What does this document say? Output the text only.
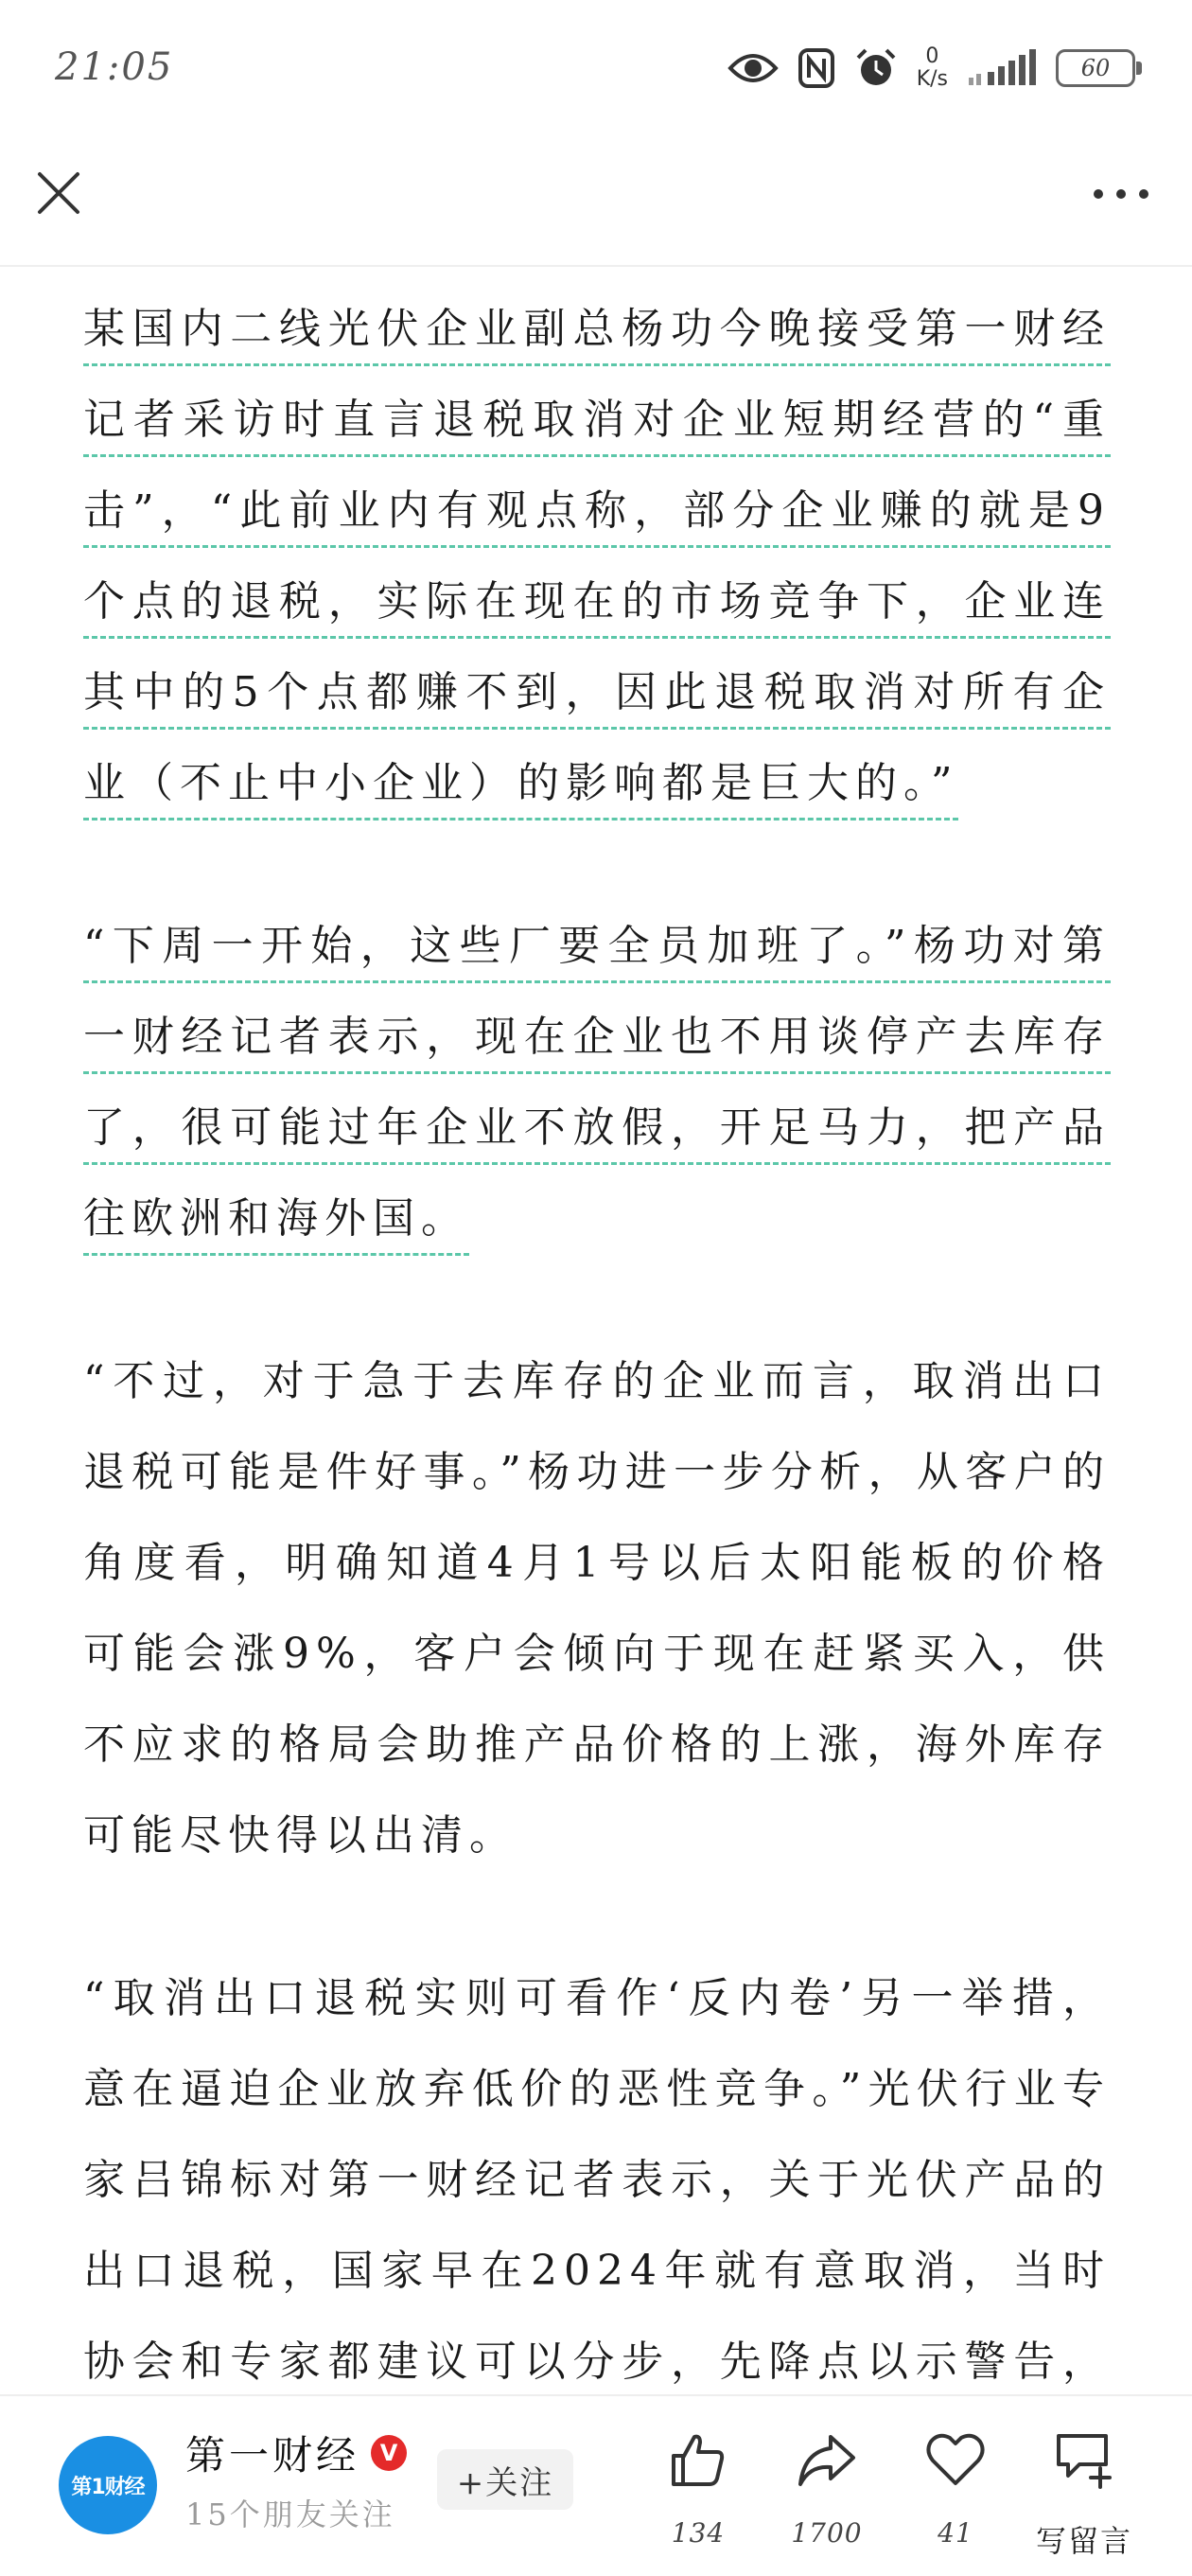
21:05	0
K/s	60

某国内二线光伏企业副总杨功今晚接受第一财经记者采访时直言退税取消对企业短期经营的“重击”，“此前业内有观点称，部分企业赚的就是9个点的退税，实际在现在的市场竞争下，企业连其中的5个点都赚不到，因此退税取消对所有企业（不止中小企业）的影响都是巨大的。”

“下周一开始，这些厂要全员加班了。”杨功对第一财经记者表示，现在企业也不用谈停产去库存了，很可能过年企业不放假，开足马力，把产品往欧洲和海外国。

“不过，对于急于去库存的企业而言，取消出口退税可能是件好事。”杨功进一步分析，从客户的角度看，明确知道4月1号以后太阳能板的价格可能会涨9%，客户会倾向于现在赶紧买入，供不应求的格局会助推产品价格的上涨，海外库存可能尽快得以出清。

“取消出口退税实则可看作‘反内卷’另一举措，意在逼迫企业放弃低价的恶性竞争。”光伏行业专家吕锦标对第一财经记者表示，关于光伏产品的出口退税，国家早在2024年就有意取消，当时协会和专家都建议可以分步，先降点以示警告，

第1财经
第一财经 V
15个朋友关注
+关注
134	1700	41 写留言
